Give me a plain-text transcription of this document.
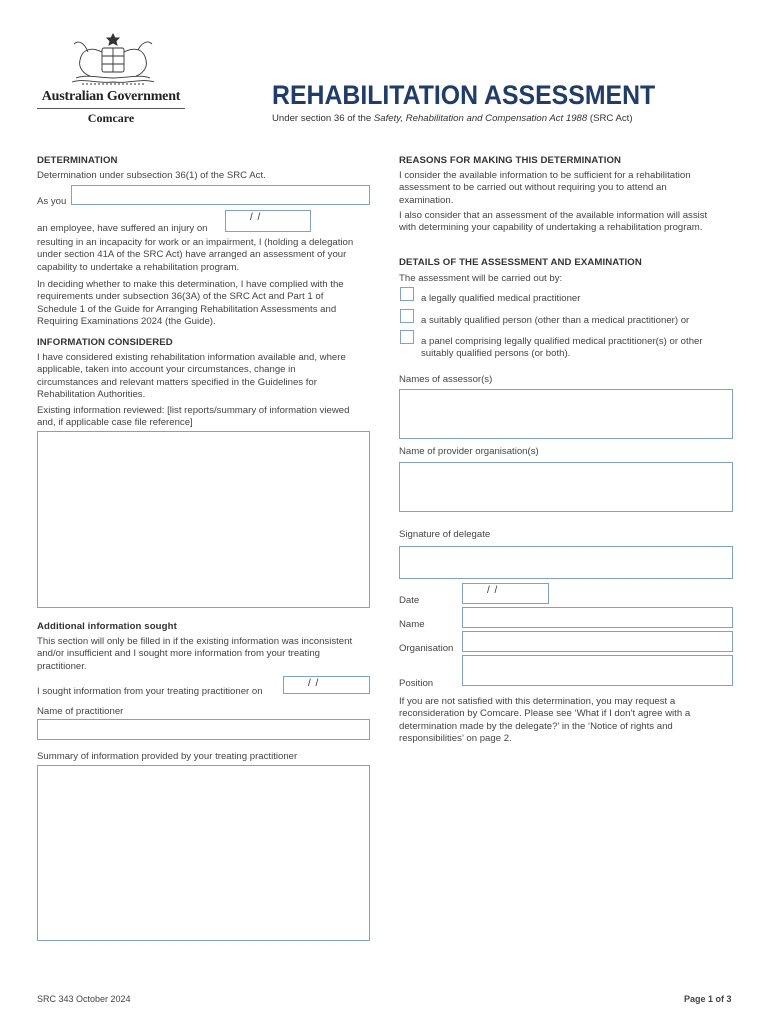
Australian Government
Comcare
REHABILITATION ASSESSMENT
Under section 36 of the Safety, Rehabilitation and Compensation Act 1988 (SRC Act)
DETERMINATION
Determination under subsection 36(1) of the SRC Act.
As you
an employee, have suffered an injury on
/ /
resulting in an incapacity for work or an impairment, I (holding a delegation under section 41A of the SRC Act) have arranged an assessment of your capability to undertake a rehabilitation program.
In deciding whether to make this determination, I have complied with the requirements under subsection 36(3A) of the SRC Act and Part 1 of Schedule 1 of the Guide for Arranging Rehabilitation Assessments and Requiring Examinations 2024 (the Guide).
INFORMATION CONSIDERED
I have considered existing rehabilitation information available and, where applicable, taken into account your circumstances, change in circumstances and relevant matters specified in the Guidelines for Rehabilitation Authorities.
Existing information reviewed: [list reports/summary of information viewed and, if applicable case file reference]
Additional information sought
This section will only be filled in if the existing information was inconsistent and/or insufficient and I sought more information from your treating practitioner.
I sought information from your treating practitioner on
/ /
Name of practitioner
Summary of information provided by your treating practitioner
REASONS FOR MAKING THIS DETERMINATION
I consider the available information to be sufficient for a rehabilitation assessment to be carried out without requiring you to attend an examination.
I also consider that an assessment of the available information will assist with determining your capability of undertaking a rehabilitation program.
DETAILS OF THE ASSESSMENT AND EXAMINATION
The assessment will be carried out by:
a legally qualified medical practitioner
a suitably qualified person (other than a medical practitioner) or
a panel comprising legally qualified medical practitioner(s) or other suitably qualified persons (or both).
Names of assessor(s)
Name of provider organisation(s)
Signature of delegate
Date
/ /
Name
Organisation
Position
If you are not satisfied with this determination, you may request a reconsideration by Comcare. Please see ‘What if I don’t agree with a determination made by the delegate?’ in the ‘Notice of rights and responsibilities’ on page 2.
SRC 343 October 2024	Page 1 of 3
